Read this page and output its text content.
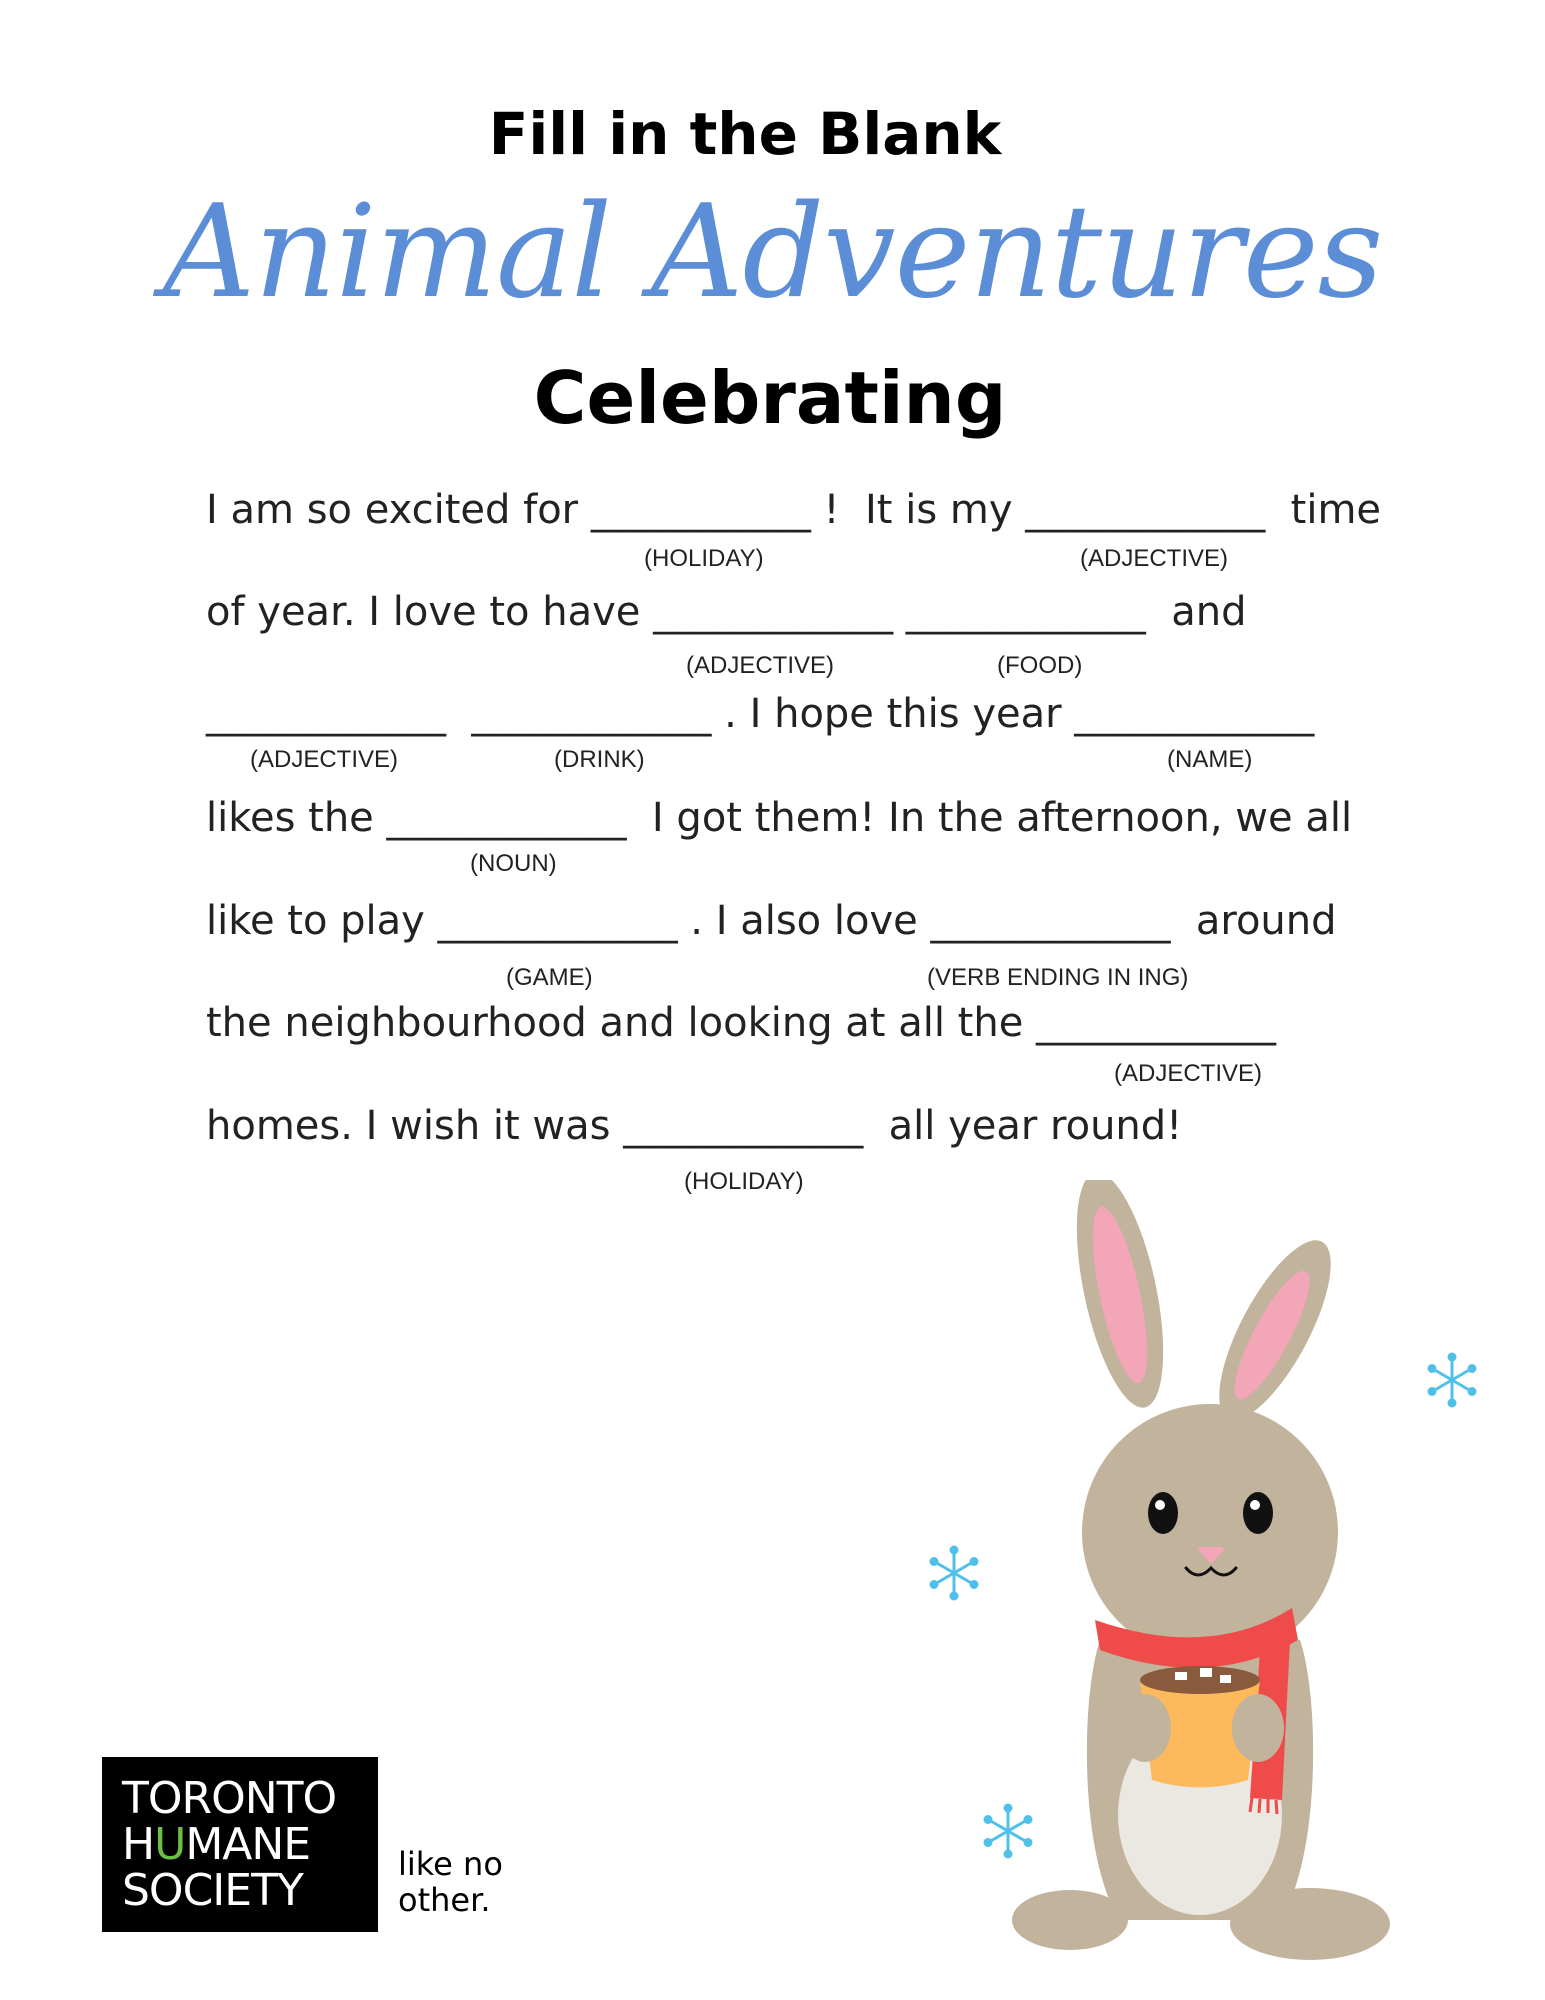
Fill in the Blank
Animal Adventures
Celebrating
I am so excited for ___________ !  It is my ____________  time
of year. I love to have ____________ ____________  and
____________  ____________ . I hope this year ____________
likes the ____________  I got them! In the afternoon, we all
like to play ____________ . I also love ____________  around
the neighbourhood and looking at all the ____________
homes. I wish it was ____________  all year round!
(HOLIDAY)	(ADJECTIVE)
(ADJECTIVE)	(FOOD)
(ADJECTIVE)	(DRINK)	(NAME)
(NOUN)
(GAME)	(VERB ENDING IN ING)
(ADJECTIVE)
(HOLIDAY)
TORONTO
HUMANE
SOCIETY
like no other.
